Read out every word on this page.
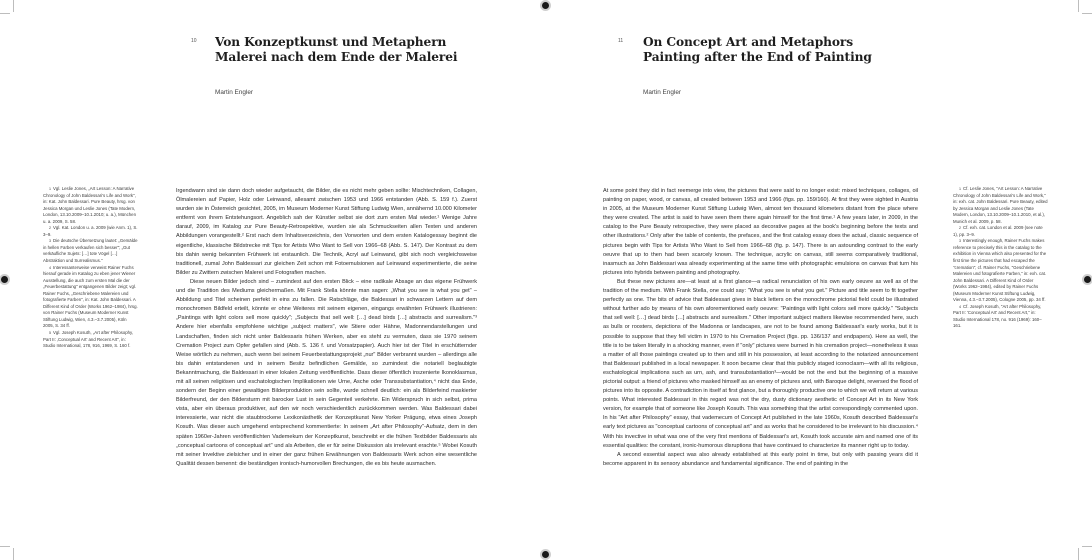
10 Von Konzeptkunst und Metaphern
Malerei nach dem Ende der Malerei
Martin Engler

1 Vgl. Leslie Jones, „Art Lesson: A Narrative Chronology of John Baldessari's Life and Work", in: Kat. John Baldessari. Pure Beauty, hrsg. von Jessica Morgan und Leslie Jones (Tate Modern, London, 13.10.2009–10.1.2010; u. a.), München u. a. 2009, S. 58.

2 Vgl. Kat. London u. a. 2009 (wie Anm. 1), S. 3–9.

3 Die deutsche Übersetzung lautet: „Gemälde in hellen Farben verkaufen sich besser"; „Gut verkäufliche Sujets: […] tote Vögel […] Abstraktion und Surrealismus."

4 Interessanterweise verweist Rainer Fuchs hierauf gerade im Katalog zu eben jener Wiener Ausstellung, die auch zum ersten Mal die der „Feuerbestattung" entgangenen Bilder zeigt; vgl. Rainer Fuchs, „Geschriebene Malereien und fotografierte Farben", in: Kat. John Baldessari. A Different Kind of Order (Works 1962–1984), hrsg. von Rainer Fuchs (Museum Moderner Kunst Stiftung Ludwig, Wien, 4.3.–3.7.2005), Köln 2005, S. 34 ff.

5 Vgl. Joseph Kosuth, „Art after Philosophy, Part II: ‚Conceptual Art' and Recent Art", in: Studio International, 178, 916, 1969, S. 160 f.

Irgendwann sind sie dann doch wieder aufgetaucht, die Bilder, die es nicht mehr geben sollte: Mischtechniken, Collagen, Ölmalereien auf Papier, Holz oder Leinwand, allesamt zwischen 1953 und 1966 entstanden (Abb. S. 159 f.). Zuerst wurden sie in Österreich gesichtet, 2005, im Museum Moderner Kunst Stiftung Ludwig Wien, annähernd 10.000 Kilometer entfernt von ihrem Entstehungsort. Angeblich sah der Künstler selbst sie dort zum ersten Mal wieder.¹ Wenige Jahre darauf, 2009, im Katalog zur Pure Beauty-Retrospektive, wurden sie als Schmuckseiten allen Texten und anderen Abbildungen vorangestellt.² Erst nach dem Inhaltsverzeichnis, den Vorworten und dem ersten Katalogessay beginnt die eigentliche, klassische Bildstrecke mit Tips for Artists Who Want to Sell von 1966–68 (Abb. S. 147). Der Kontrast zu dem bis dahin wenig bekannten Frühwerk ist erstaunlich. Die Technik, Acryl auf Leinwand, gibt sich noch vergleichsweise traditionell, zumal John Baldessari zur gleichen Zeit schon mit Fotoemulsionen auf Leinwand experimentierte, die seine Bilder zu Zwittern zwischen Malerei und Fotografien machen.

Diese neuen Bilder jedoch sind – zumindest auf den ersten Blick – eine radikale Absage an das eigene Frühwerk und die Tradition des Mediums gleichermaßen. Mit Frank Stella könnte man sagen: „What you see is what you get" – Abbildung und Titel scheinen perfekt in eins zu fallen. Die Ratschläge, die Baldessari in schwarzen Lettern auf dem monochromen Bildfeld erteilt, könnte er ohne Weiteres mit seinem eigenen, eingangs erwähnten Frühwerk illustrieren: „Paintings with light colors sell more quickly"; „Subjects that sell well: […] dead birds […] abstracts and surrealism."³ Andere hier ebenfalls empfohlene wichtige „subject matters", wie Stiere oder Hähne, Madonnendarstellungen und Landschaften, finden sich nicht unter Baldessaris frühen Werken, aber es steht zu vermuten, dass sie 1970 seinem Cremation Project zum Opfer gefallen sind (Abb. S. 136 f. und Vorsatzpapier). Auch hier ist der Titel in erschütternder Weise wörtlich zu nehmen, auch wenn bei seinem Feuerbestattungsprojekt „nur" Bilder verbrannt wurden – allerdings alle bis dahin entstandenen und in seinem Besitz befindlichen Gemälde, so zumindest die notariell beglaubigte Bekanntmachung, die Baldessari in einer lokalen Zeitung veröffentlichte. Dass dieser öffentlich inszenierte Ikonoklasmus, mit all seinen religiösen und eschatologischen Implikationen wie Urne, Asche oder Transsubstantiation,⁴ nicht das Ende, sondern der Beginn einer gewaltigen Bilderproduktion sein sollte, wurde schnell deutlich: ein als Bilderfeind maskierter Bilderfreund, der den Bildersturm mit barocker Lust in sein Gegenteil verkehrte. Ein Widerspruch in sich selbst, prima vista, aber ein überaus produktiver, auf den wir noch verschiedentlich zurückkommen werden. Was Baldessari dabei interessierte, war nicht die staubtrockene Lexikonästhetik der Konzeptkunst New Yorker Prägung, etwa eines Joseph Kosuth. Was dieser auch umgehend entsprechend kommentierte: In seinem „Art after Philosophy"-Aufsatz, dem in den späten 1960er-Jahren veröffentlichten Vademekum der Konzeptkunst, beschreibt er die frühen Textbilder Baldessaris als „conceptual cartoons of conceptual art" und als Arbeiten, die er für seine Diskussion als irrelevant erachte.⁵ Wobei Kosuth mit seiner Invektive zielsicher und in einer der ganz frühen Erwähnungen von Baldessaris Werk schon eine wesentliche Qualität dessen benennt: die beständigen ironisch-humorvollen Brechungen, die es bis heute ausmachen.

11 On Concept Art and Metaphors
Painting after the End of Painting
Martin Engler

At some point they did in fact reemerge into view, the pictures that were said to no longer exist: mixed techniques, collages, oil painting on paper, wood, or canvas, all created between 1953 and 1966 (figs. pp. 159/160). At first they were sighted in Austria in 2005, at the Museum Moderner Kunst Stiftung Ludwig Wien, almost ten thousand kilometers distant from the place where they were created. The artist is said to have seen them there again himself for the first time.¹ A few years later, in 2009, in the catalog to the Pure Beauty retrospective, they were placed as decorative pages at the book's beginning before the texts and other illustrations.² Only after the table of contents, the prefaces, and the first catalog essay does the actual, classic sequence of pictures begin with Tips for Artists Who Want to Sell from 1966–68 (fig. p. 147). There is an astounding contrast to the early oeuvre that up to then had been scarcely known. The technique, acrylic on canvas, still seems comparatively traditional, inasmuch as John Baldessari was already experimenting at the same time with photographic emulsions on canvas that turn his pictures into hybrids between painting and photography.

But these new pictures are—at least at a first glance—a radical renunciation of his own early oeuvre as well as of the tradition of the medium. With Frank Stella, one could say: "What you see is what you get." Picture and title seem to fit together perfectly as one. The bits of advice that Baldessari gives in black letters on the monochrome pictorial field could be illustrated without further ado by means of his own aforementioned early oeuvre: "Paintings with light colors sell more quickly." "Subjects that sell well: […] dead birds […] abstracts and surrealism." Other important subject matters likewise recommended here, such as bulls or roosters, depictions of the Madonna or landscapes, are not to be found among Baldessari's early works, but it is possible to suppose that they fell victim in 1970 to his Cremation Project (figs. pp. 136/137 and endpapers). Here as well, the title is to be taken literally in a shocking manner, even if "only" pictures were burned in his cremation project—nonetheless it was a matter of all those paintings created up to then and still in his possession, at least according to the notarized announcement that Baldessari published in a local newspaper. It soon became clear that this publicly staged iconoclasm—with all its religious, eschatological implications such as urn, ash, and transubstantiation³—would be not the end but the beginning of a massive pictorial output: a friend of pictures who masked himself as an enemy of pictures and, with Baroque delight, reversed the flood of pictures into its opposite. A contradiction in itself at first glance, but a thoroughly productive one to which we will return at various points. What interested Baldessari in this regard was not the dry, dusty dictionary aesthetic of Concept Art in its New York version, for example that of someone like Joseph Kosuth. This was something that the artist correspondingly commented upon. In his "Art after Philosophy" essay, that vademecum of Concept Art published in the late 1960s, Kosuth described Baldessari's early text pictures as "conceptual cartoons of conceptual art" and as works that he considered to be irrelevant to his discussion.⁴ With his invective in what was one of the very first mentions of Baldessari's art, Kosuth took accurate aim and named one of its essential qualities: the constant, ironic-humorous disruptions that have continued to characterize its manner right up to today.

A second essential aspect was also already established at this early point in time, but only with passing years did it become apparent in its sensory abundance and fundamental significance. The end of painting in the

1 Cf. Leslie Jones, "Art Lesson: A Narrative Chronology of John Baldessari's Life and Work," in: exh. cat. John Baldessari. Pure Beauty, edited by Jessica Morgan and Leslie Jones (Tate Modern, London, 13.10.2009–10.1.2010, et al.), Munich et al. 2009, p. 58.

2 Cf. exh. cat. London et al. 2009 (see note 1), pp. 3–9.

3 Interestingly enough, Rainer Fuchs makes reference to precisely this in the catalog to the exhibition in Vienna which also presented for the first time the pictures that had escaped the "cremation"; cf. Rainer Fuchs, "Geschriebene Malereien und fotografierte Farben," in: exh. cat. John Baldessari. A Different Kind of Order (Works 1962–1984), edited by Rainer Fuchs (Museum Moderner Kunst Stiftung Ludwig, Vienna, 4.3.–3.7.2005), Cologne 2005, pp. 34 ff.

4 Cf. Joseph Kosuth, "Art after Philosophy, Part II: 'Conceptual Art' and Recent Art," in: Studio International 178, no. 916 (1969): 160–161.
